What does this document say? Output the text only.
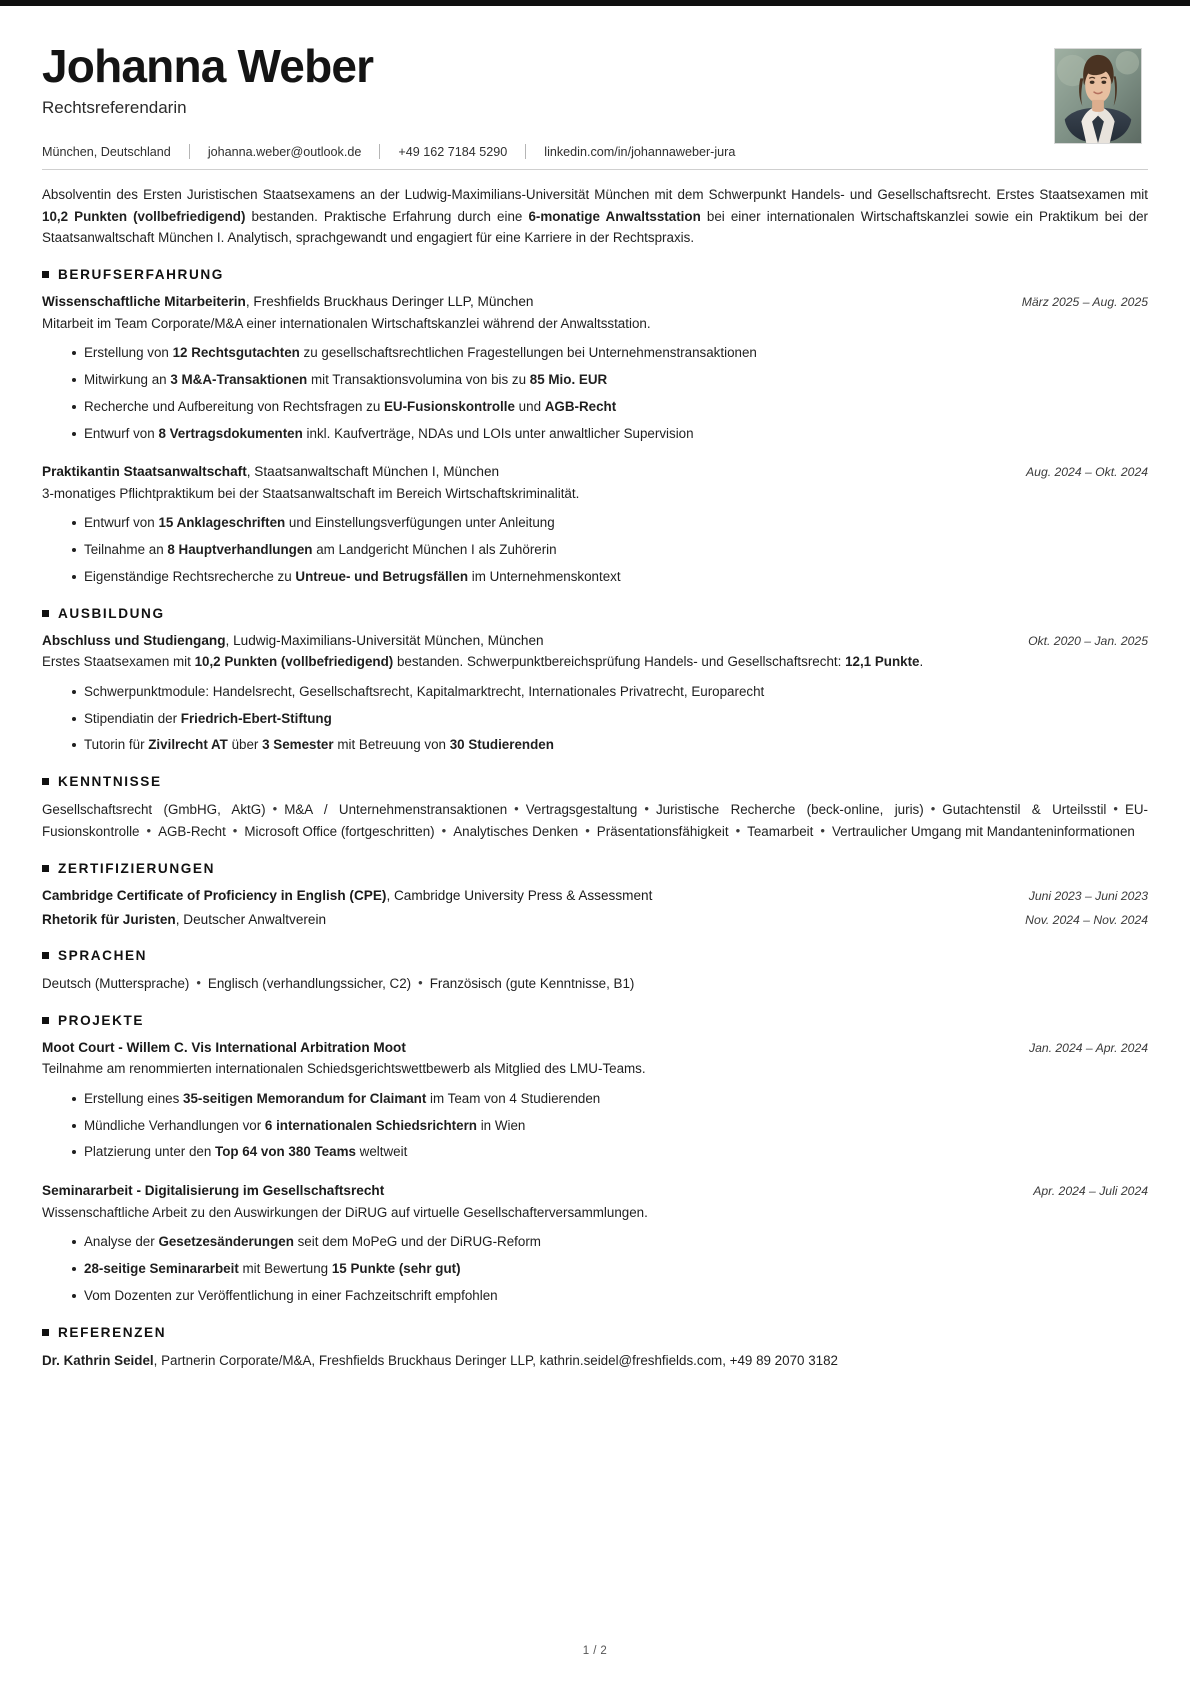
Johanna Weber
Rechtsreferendarin
München, Deutschland	johanna.weber@outlook.de	+49 162 7184 5290	linkedin.com/in/johannaweber-jura

Absolventin des Ersten Juristischen Staatsexamens an der Ludwig-Maximilians-Universität München mit dem Schwerpunkt Handels- und Gesellschaftsrecht. Erstes Staatsexamen mit 10,2 Punkten (vollbefriedigend) bestanden. Praktische Erfahrung durch eine 6-monatige Anwaltsstation bei einer internationalen Wirtschaftskanzlei sowie ein Praktikum bei der Staatsanwaltschaft München I. Analytisch, sprachgewandt und engagiert für eine Karriere in der Rechtspraxis.

BERUFSERFAHRUNG
Wissenschaftliche Mitarbeiterin, Freshfields Bruckhaus Deringer LLP, München	März 2025 – Aug. 2025
Mitarbeit im Team Corporate/M&A einer internationalen Wirtschaftskanzlei während der Anwaltsstation.
Erstellung von 12 Rechtsgutachten zu gesellschaftsrechtlichen Fragestellungen bei Unternehmenstransaktionen
Mitwirkung an 3 M&A-Transaktionen mit Transaktionsvolumina von bis zu 85 Mio. EUR
Recherche und Aufbereitung von Rechtsfragen zu EU-Fusionskontrolle und AGB-Recht
Entwurf von 8 Vertragsdokumenten inkl. Kaufverträge, NDAs und LOIs unter anwaltlicher Supervision
Praktikantin Staatsanwaltschaft, Staatsanwaltschaft München I, München	Aug. 2024 – Okt. 2024
3-monatiges Pflichtpraktikum bei der Staatsanwaltschaft im Bereich Wirtschaftskriminalität.
Entwurf von 15 Anklageschriften und Einstellungsverfügungen unter Anleitung
Teilnahme an 8 Hauptverhandlungen am Landgericht München I als Zuhörerin
Eigenständige Rechtsrecherche zu Untreue- und Betrugsfällen im Unternehmenskontext
AUSBILDUNG
Abschluss und Studiengang, Ludwig-Maximilians-Universität München, München	Okt. 2020 – Jan. 2025
Erstes Staatsexamen mit 10,2 Punkten (vollbefriedigend) bestanden. Schwerpunktbereichsprüfung Handels- und Gesellschaftsrecht: 12,1 Punkte.
Schwerpunktmodule: Handelsrecht, Gesellschaftsrecht, Kapitalmarktrecht, Internationales Privatrecht, Europarecht
Stipendiatin der Friedrich-Ebert-Stiftung
Tutorin für Zivilrecht AT über 3 Semester mit Betreuung von 30 Studierenden
KENNTNISSE
Gesellschaftsrecht (GmbHG, AktG) • M&A / Unternehmenstransaktionen • Vertragsgestaltung • Juristische Recherche (beck-online, juris) • Gutachtenstil & Urteilsstil • EU-Fusionskontrolle • AGB-Recht • Microsoft Office (fortgeschritten) • Analytisches Denken • Präsentationsfähigkeit • Teamarbeit • Vertraulicher Umgang mit Mandanteninformationen
ZERTIFIZIERUNGEN
Cambridge Certificate of Proficiency in English (CPE), Cambridge University Press & Assessment	Juni 2023 – Juni 2023
Rhetorik für Juristen, Deutscher Anwaltverein	Nov. 2024 – Nov. 2024
SPRACHEN
Deutsch (Muttersprache) • Englisch (verhandlungssicher, C2) • Französisch (gute Kenntnisse, B1)
PROJEKTE
Moot Court - Willem C. Vis International Arbitration Moot	Jan. 2024 – Apr. 2024
Teilnahme am renommierten internationalen Schiedsgerichtswettbewerb als Mitglied des LMU-Teams.
Erstellung eines 35-seitigen Memorandum for Claimant im Team von 4 Studierenden
Mündliche Verhandlungen vor 6 internationalen Schiedsrichtern in Wien
Platzierung unter den Top 64 von 380 Teams weltweit
Seminararbeit - Digitalisierung im Gesellschaftsrecht	Apr. 2024 – Juli 2024
Wissenschaftliche Arbeit zu den Auswirkungen der DiRUG auf virtuelle Gesellschafterversammlungen.
Analyse der Gesetzesänderungen seit dem MoPeG und der DiRUG-Reform
28-seitige Seminararbeit mit Bewertung 15 Punkte (sehr gut)
Vom Dozenten zur Veröffentlichung in einer Fachzeitschrift empfohlen
REFERENZEN
Dr. Kathrin Seidel, Partnerin Corporate/M&A, Freshfields Bruckhaus Deringer LLP, kathrin.seidel@freshfields.com, +49 89 2070 3182
1 / 2
